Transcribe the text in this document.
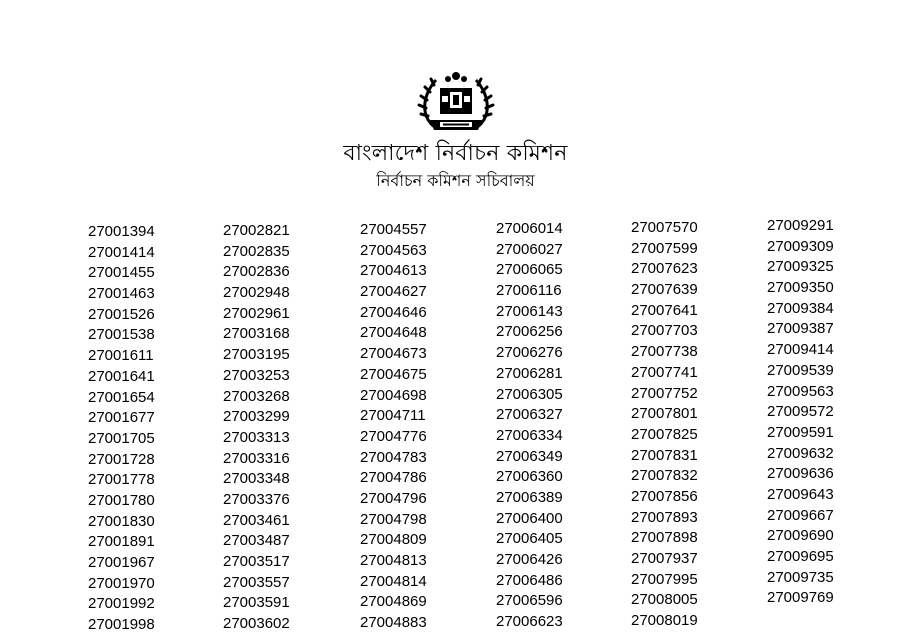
বাংলাদেশ নির্বাচন কমিশন
নির্বাচন কমিশন সচিবালয়
27001394
27001414
27001455
27001463
27001526
27001538
27001611
27001641
27001654
27001677
27001705
27001728
27001778
27001780
27001830
27001891
27001967
27001970
27001992
27001998
27002821
27002835
27002836
27002948
27002961
27003168
27003195
27003253
27003268
27003299
27003313
27003316
27003348
27003376
27003461
27003487
27003517
27003557
27003591
27003602
27004557
27004563
27004613
27004627
27004646
27004648
27004673
27004675
27004698
27004711
27004776
27004783
27004786
27004796
27004798
27004809
27004813
27004814
27004869
27004883
27006014
27006027
27006065
27006116
27006143
27006256
27006276
27006281
27006305
27006327
27006334
27006349
27006360
27006389
27006400
27006405
27006426
27006486
27006596
27006623
27007570
27007599
27007623
27007639
27007641
27007703
27007738
27007741
27007752
27007801
27007825
27007831
27007832
27007856
27007893
27007898
27007937
27007995
27008005
27008019
27009291
27009309
27009325
27009350
27009384
27009387
27009414
27009539
27009563
27009572
27009591
27009632
27009636
27009643
27009667
27009690
27009695
27009735
27009769
